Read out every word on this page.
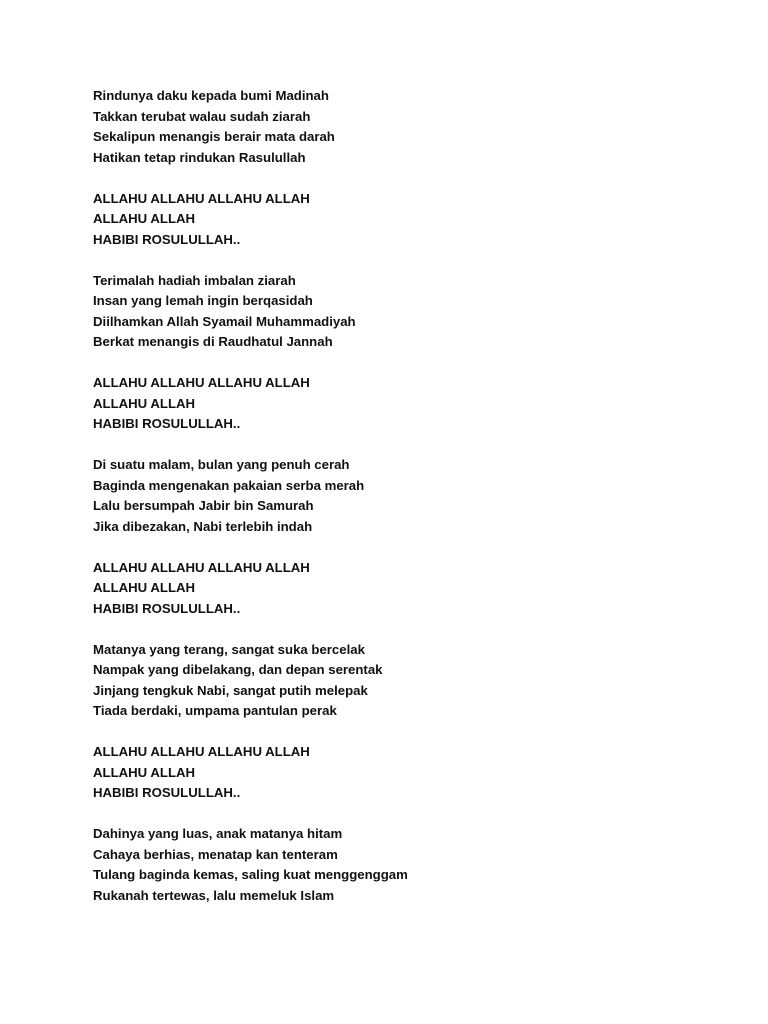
Rindunya daku kepada bumi Madinah
Takkan terubat walau sudah ziarah
Sekalipun menangis berair mata darah
Hatikan tetap rindukan Rasulullah
ALLAHU ALLAHU ALLAHU ALLAH
ALLAHU ALLAH
HABIBI ROSULULLAH..
Terimalah hadiah imbalan ziarah
Insan yang lemah ingin berqasidah
Diilhamkan Allah Syamail Muhammadiyah
Berkat menangis di Raudhatul Jannah
ALLAHU ALLAHU ALLAHU ALLAH
ALLAHU ALLAH
HABIBI ROSULULLAH..
Di suatu malam, bulan yang penuh cerah
Baginda mengenakan pakaian serba merah
Lalu bersumpah Jabir bin Samurah
Jika dibezakan, Nabi terlebih indah
ALLAHU ALLAHU ALLAHU ALLAH
ALLAHU ALLAH
HABIBI ROSULULLAH..
Matanya yang terang, sangat suka bercelak
Nampak yang dibelakang, dan depan serentak
Jinjang tengkuk Nabi, sangat putih melepak
Tiada berdaki, umpama pantulan perak
ALLAHU ALLAHU ALLAHU ALLAH
ALLAHU ALLAH
HABIBI ROSULULLAH..
Dahinya yang luas, anak matanya hitam
Cahaya berhias, menatap kan tenteram
Tulang baginda kemas, saling kuat menggenggam
Rukanah tertewas, lalu memeluk Islam
